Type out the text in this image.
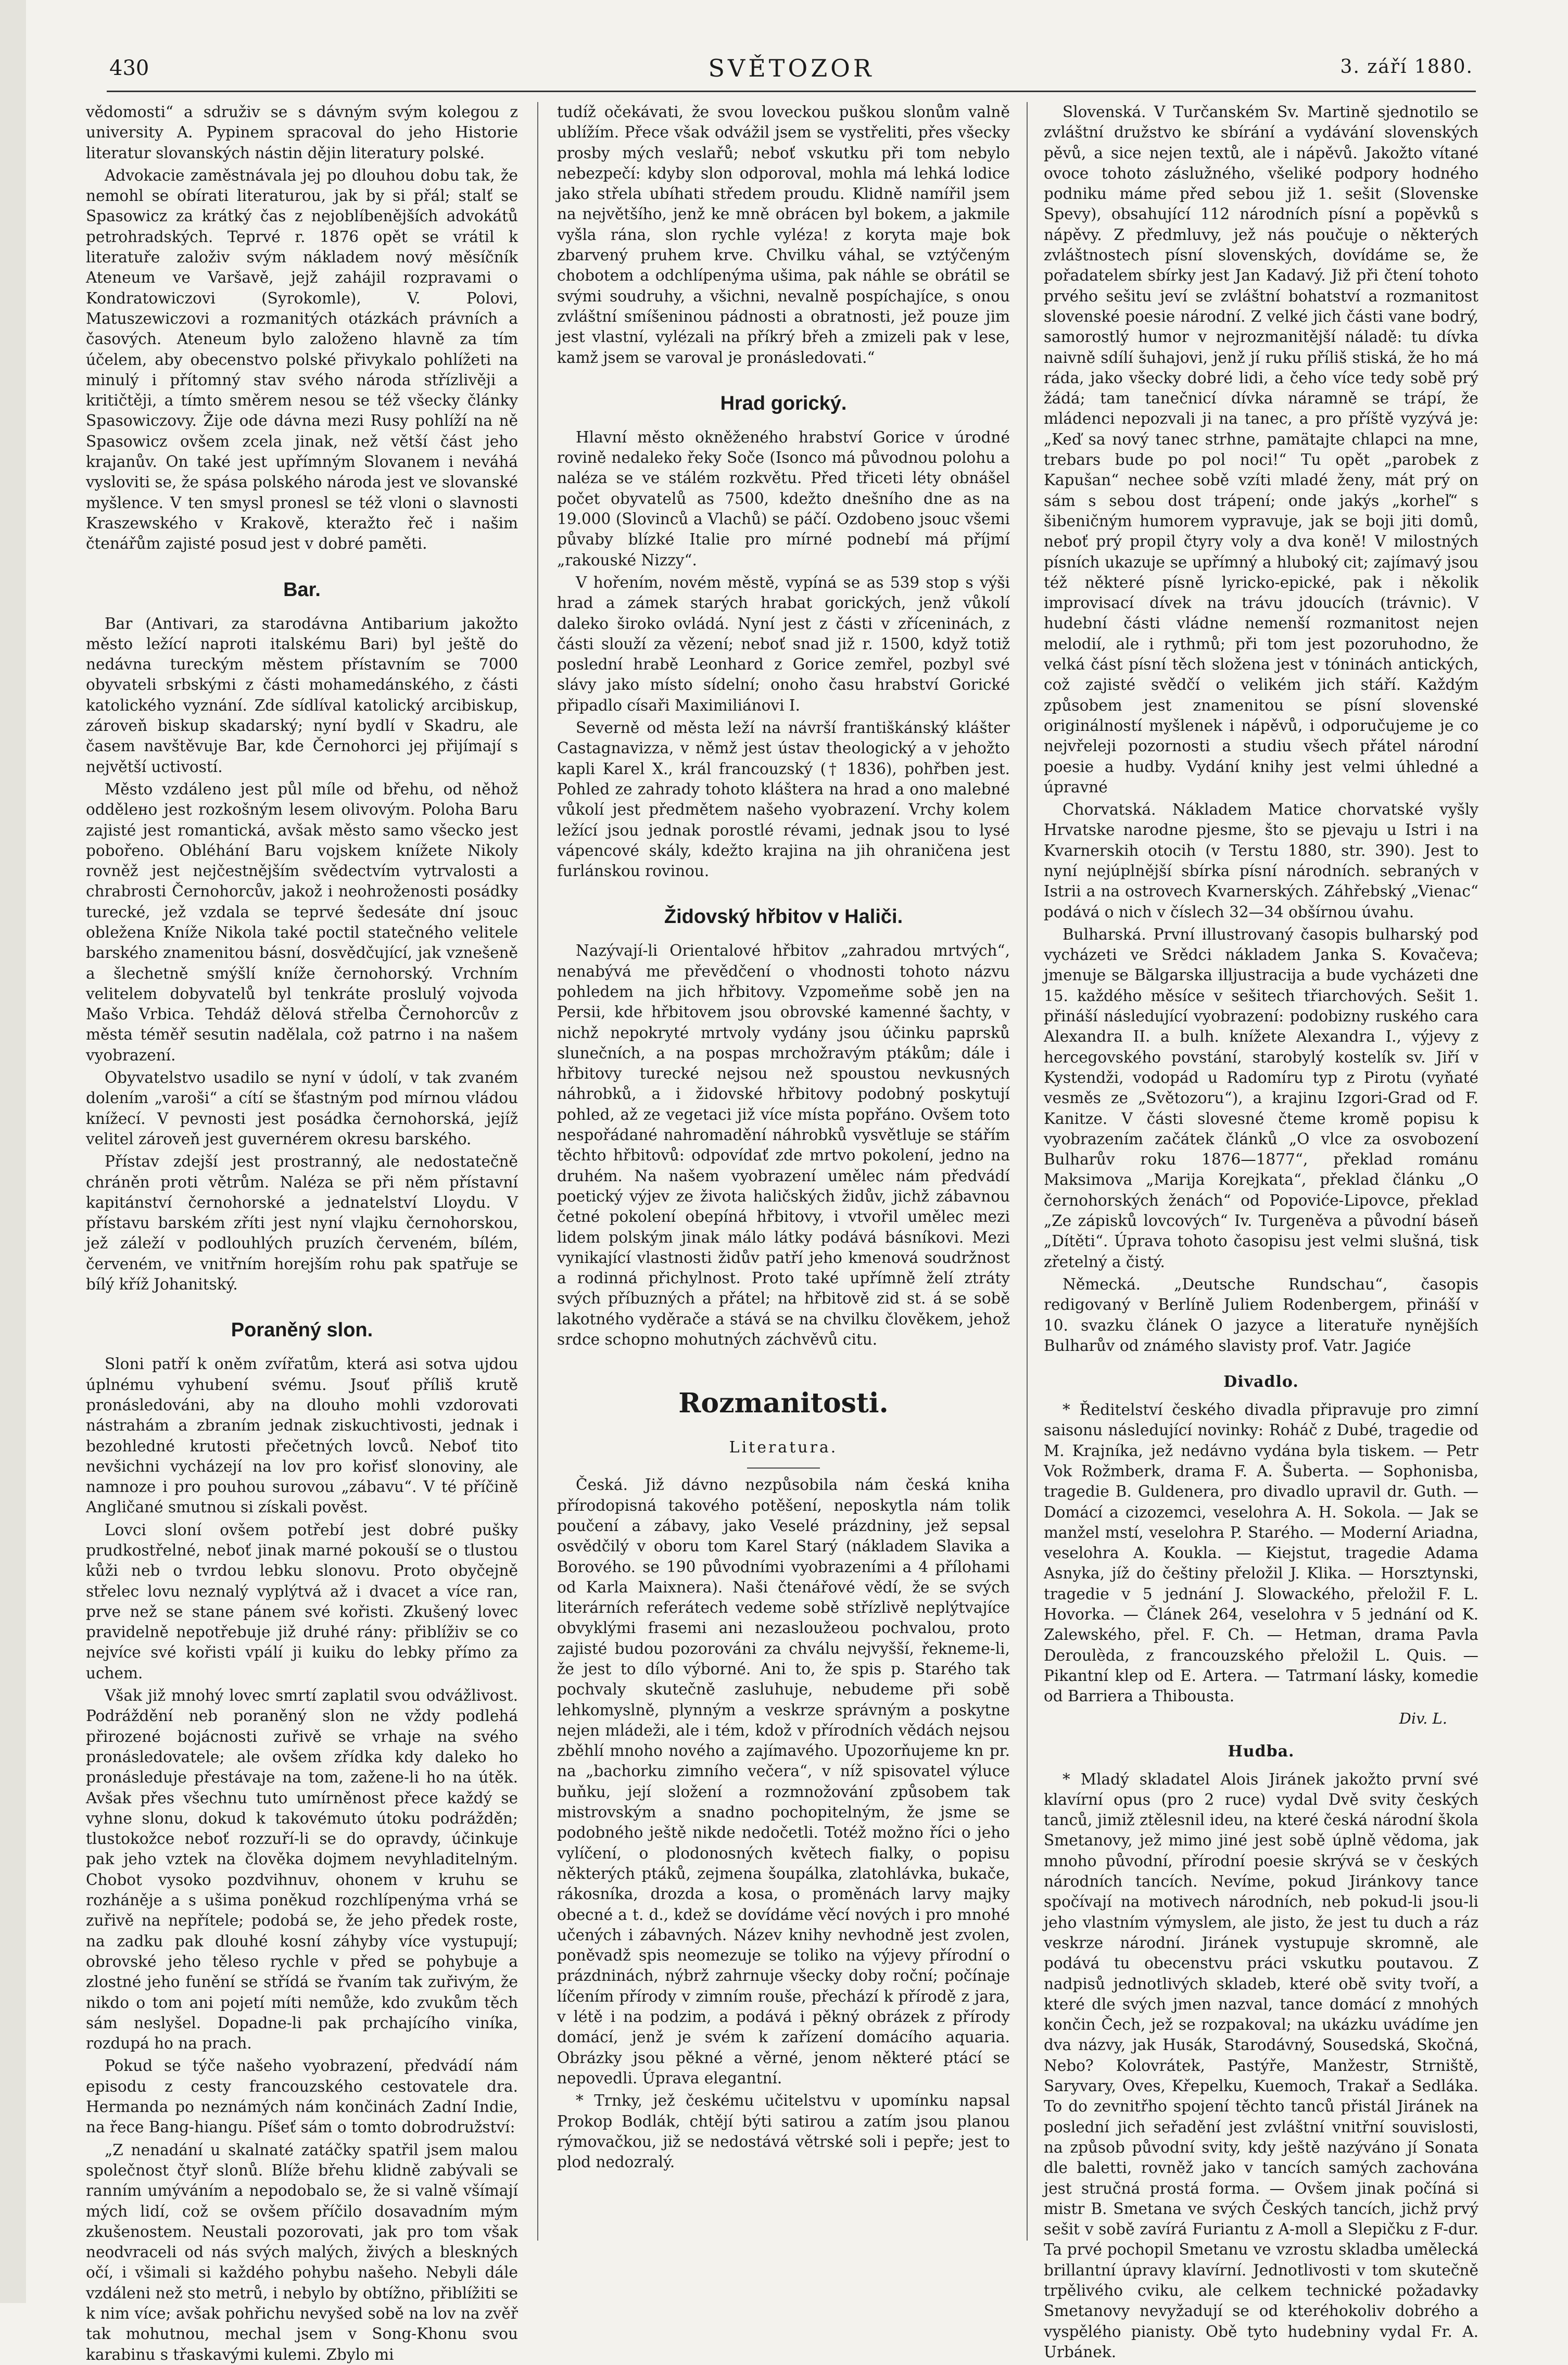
430	SVĚTOZOR	3. září 1880.

vědomosti“ a sdruživ se s dávným svým kolegou z university A. Pypinem spracoval do jeho Historie literatur slovanských nástin dějin literatury polské.

Advokacie zaměstnávala jej po dlouhou dobu tak, že nemohl se obírati literaturou, jak by si přál; stalť se Spasowicz za krátký čas z nejoblíbenějších advokátů petrohradských. Teprvé r. 1876 opět se vrátil k literatuře založiv svým nákladem nový měsíčník Ateneum ve Varšavě, jejž zahájil rozpravami o Kondratowiczovi (Syrokomle), V. Polovi, Matuszewiczovi a rozmanitých otázkách právních a časových. Ateneum bylo založeno hlavně za tím účelem, aby obecenstvo polské přivykalo pohlížeti na minulý i přítomný stav svého národa střízlivěji a kritičtěji, a tímto směrem nesou se též všecky články Spasowiczovy. Žije ode dávna mezi Rusy pohlíží na ně Spasowicz ovšem zcela jinak, než větší část jeho krajanův. On také jest upřímným Slovanem i neváhá vysloviti se, že spása polského národa jest ve slovanské myšlence. V ten smysl pronesl se též vloni o slavnosti Kraszewského v Krakově, kteražto řeč i našim čtenářům zajisté posud jest v dobré paměti.

Bar.

Bar (Antivari, za starodávna Antibarium jakožto město ležící naproti italskému Bari) byl ještě do nedávna tureckým městem přístavním se 7000 obyvateli srbskými z části mohamedánského, z části katolického vyznání. Zde sídlíval katolický arcibiskup, zároveň biskup skadarský; nyní bydlí v Skadru, ale časem navštěvuje Bar, kde Černohorci jej přijímají s největší uctivostí.

Město vzdáleno jest půl míle od břehu, od něhož oddělено jest rozkošným lesem olivovým. Poloha Baru zajisté jest romantická, avšak město samo všecko jest pobořeno. Obléhání Baru vojskem knížete Nikoly rovněž jest nejčestnějším svědectvím vytrvalosti a chrabrosti Černohorcův, jakož i neohroženosti posádky turecké, jež vzdala se teprvé šedesáte dní jsouc obležena Kníže Nikola také poctil statečného velitele barského znamenitou básní, dosvědčující, jak vznešeně a šlechetně smýšlí kníže černohorský. Vrchním velitelem dobyvatelů byl tenkráte proslulý vojvoda Mašo Vrbica. Tehdáž dělová střelba Černohorcův z města téměř sesutin nadělala, což patrno i na našem vyobrazení.

Obyvatelstvo usadilo se nyní v údolí, v tak zvaném dolením „varoši“ a cítí se šťastným pod mírnou vládou knížecí. V pevnosti jest posádka černohorská, jejíž velitel zároveň jest guvernérem okresu barského.

Přístav zdejší jest prostranný, ale nedostatečně chráněn proti větrům. Naléza se při něm přístavní kapitánství černohorské a jednatelství Lloydu. V přístavu barském zříti jest nyní vlajku černohorskou, jež záleží v podlouhlých pruzích červeném, bílém, červeném, ve vnitřním horejším rohu pak spatřuje se bílý kříž Johanitský.

Poraněný slon.

Sloni patří k oněm zvířatům, která asi sotva ujdou úplnému vyhubení svému. Jsouť příliš krutě pronásledováni, aby na dlouho mohli vzdorovati nástrahám a zbraním jednak ziskuchtivosti, jednak i bezohledné krutosti přečetných lovců. Neboť tito nevšichni vycházejí na lov pro kořisť slonoviny, ale namnoze i pro pouhou surovou „zábavu“. V té příčině Angličané smutnou si získali pověst.

Lovci sloní ovšem potřebí jest dobré pušky prudkostřelné, neboť jinak marné pokouší se o tlustou kůži neb o tvrdou lebku slonovu. Proto obyčejně střelec lovu neznalý vyplýtvá až i dvacet a více ran, prve než se stane pánem své kořisti. Zkušený lovec pravidelně nepotřebuje již druhé rány: přiblíživ se co nejvíce své kořisti vpálí ji kuiku do lebky přímo za uchem.

Však již mnohý lovec smrtí zaplatil svou odvážlivost. Podráždění neb poraněný slon ne vždy podlehá přirozené bojácnosti zuřivě se vrhaje na svého pronásledovatele; ale ovšem zřídka kdy daleko ho pronásleduje přestávaje na tom, zažene-li ho na útěk. Avšak přes všechnu tuto umírněnost přece každý se vyhne slonu, dokud k takovémuto útoku podrážděn; tlustokožce neboť rozzuří-li se do opravdy, účinkuje pak jeho vztek na člověka dojmem nevyhladitelným. Chobot vysoko pozdvihnuv, ohonem v kruhu se rozhánějе a s ušima poněkud rozchlípenýma vrhá se zuřivě na nepřítele; podobá se, že jeho předek roste, na zadku pak dlouhé kosní záhyby více vystupují; obrovské jeho těleso rychle v před se pohybuje a zlostné jeho funění se střídá se řvaním tak zuřivým, že nikdo o tom ani pojetí míti nemůže, kdo zvukům těch sám neslyšel. Dopadne-li pak prchajícího viníka, rozdupá ho na prach.

Pokud se týče našeho vyobrazení, předvádí nám episodu z cesty francouzského cestovatele dra. Hermanda po neznámých nám končinách Zadní Indie, na řece Bang-hiangu. Píšeť sám o tomto dobrodružství:

„Z nenadání u skalnaté zatáčky spatřil jsem malou společnost čtyř slonů. Blíže břehu klidně zabývali se ranním umýváním a nepodobalo se, že si valně všímají mých lidí, což se ovšem příčilo dosavadním mým zkušenostem. Neustali pozorovati, jak pro tom však neodvraceli od nás svých malých, živých a bleskných očí, i všimali si každého pohybu našeho. Nebyli dále vzdáleni než sto metrů, i nebylo by obtížno, přiblížiti se k nim více; avšak pohřichu nevyšed sobě na lov na zvěř tak mohutnou, mechal jsem v Song-Khonu svou karabinu s třaskavými kulemi. Zbylo mi

tudíž očekávati, že svou loveckou puškou slonům valně ublížím. Přece však odvážil jsem se vystřeliti, přes všecky prosby mých veslařů; neboť vskutku při tom nebylo nebezpečí: kdyby slon odporoval, mohla má lehká lodice jako střela ubíhati středem proudu. Klidně namířil jsem na největšího, jenž ke mně obrácen byl bokem, a jakmile vyšla rána, slon rychle vyléza! z koryta maje bok zbarvený pruhem krve. Chvilku váhal, se vztýčeným chobotem a odchlípenýma ušima, pak náhle se obrátil se svými soudruhy, a všichni, nevalně pospíchajíce, s onou zvláštní smíšeninou pádnosti a obratnosti, jež pouze jim jest vlastní, vylézali na příkrý břeh a zmizeli pak v lese, kamž jsem se varoval je pronásledovati.“

Hrad gorický.

Hlavní město okněženého hrabství Gorice v úrodné rovině nedaleko řeky Soče (Isonco má původnou polohu a naléza se ve stálém rozkvětu. Před třiceti léty obnášel počet obyvatelů as 7500, kdežto dnešního dne as na 19.000 (Slovinců a Vlachů) se páčí. Ozdobeno jsouc všemi půvaby blízké Italie pro mírné podnebí má příjmí „rakouské Nizzy“.

V hořením, novém městě, vypíná se as 539 stop s výši hrad a zámek starých hrabat gorických, jenž vůkolí daleko široko ovládá. Nyní jest z části v zříceninách, z části slouží za vězení; neboť snad již r. 1500, když totiž poslední hrabě Leonhard z Gorice zemřel, pozbyl své slávy jako místo sídelní; onoho času hrabství Gorické připadlo císaři Maximiliánovi I.

Severně od města leží na návrší františkánský klášter Castagnavizza, v němž jest ústav theologický a v jehožto kapli Karel X., král francouzský († 1836), pohřben jest. Pohled ze zahrady tohoto kláštera na hrad a ono malebné vůkolí jest předmětem našeho vyobrazení. Vrchy kolem ležící jsou jednak porostlé révami, jednak jsou to lysé vápencové skály, kdežto krajina na jih ohraničena jest furlánskou rovinou.

Židovský hřbitov v Haliči.

Nazývají-li Orientalové hřbitov „zahradou mrtvých“, nenabývá me převědčení o vhodnosti tohoto názvu pohledem na jich hřbitovy. Vzpomeňme sobě jen na Persii, kde hřbitovem jsou obrovské kamenné šachty, v nichž nepokryté mrtvoly vydány jsou účinku paprsků slunečních, a na pospas mrchožravým ptákům; dále i hřbitovy turecké nejsou než spoustou nevkusných náhrobků, a i židovské hřbitovy podobný poskytují pohled, až ze vegetaci již více místa popřáno. Ovšem toto nespořádané nahromadění náhrobků vysvětluje se stářím těchto hřbitovů: odpovídať zde mrtvo pokolení, jedno na druhém. Na našem vyobrazení umělec nám předvádí poetický výjev ze života haličských židův, jichž zábavnou četné pokolení obepíná hřbitovy, i vtvořil umělec mezi lidem polským jinak málo látky podává básníkovi. Mezi vynikající vlastnosti židův patří jeho kmenová soudržnost a rodinná přichylnost. Proto také upřímně želí ztráty svých příbuzných a přátel; na hřbitově zid st. á se sobě lakotného vyděrače a stává se na chvilku člověkem, jehož srdce schopno mohutných záchvěvů citu.

Rozmanitosti.
Literatura.

Česká. Již dávno nezpůsobila nám česká kniha přírodopisná takového potěšení, neposkytla nám tolik poučení a zábavy, jako Veselé prázdniny, jež sepsal osvědčilý v oboru tom Karel Starý (nákladem Slavika a Borového. se 190 původními vyobrazeními a 4 přílohami od Karla Maixnera). Naši čtenářové vědí, že se svých literárních referátech vedeme sobě střízlivě neplýtvajíce obvyklými frasemi ani nezasloužeou pochvalou, proto zajisté budou pozorováni za chválu nejvyšší, řekneme-li, že jest to dílo výborné. Ani to, že spis p. Starého tak pochvaly skutečně zasluhuje, nebudeme při sobě lehkomyslně, plynným a veskrze správným a poskytne nejen mládeži, ale i tém, kdož v přírodních vědách nejsou zběhlí mnoho nového a zajímavého. Upozorňujeme kn pr. na „bachorku zimního večera“, v níž spisovatel výluce buňku, její složení a rozmnožování způsobem tak mistrovským a snadno pochopitelným, že jsme se podobného ještě nikde nedočetli. Totéž možno říci o jeho vylíčení, o plodonosných květech fialky, o popisu některých ptáků, zejmena šoupálka, zlatohlávka, bukače, rákosníka, drozda a kosa, o proměnách larvy majky obecné a t. d., kdež se dovídáme věcí nových i pro mnohé učených i zábavných. Název knihy nevhodně jest zvolen, poněvadž spis neomezuje se toliko na výjevy přírodní o prázdninách, nýbrž zahrnuje všecky doby roční; počínaje líčením přírody v zimním rouše, přechází k přírodě z jara, v létě i na podzim, a podává i pěkný obrázek z přírody domácí, jenž je svém k zařízení domácího aquaria. Obrázky jsou pěkné a věrné, jenom některé ptácí se nepovedli. Úprava elegantní.

* Trnky, jež českému učitelstvu v upomínku napsal Prokop Bodlák, chtějí býti satirou a zatím jsou planou rýmovačkou, již se nedostává větrské soli i pepře; jest to plod nedozralý.

Slovenská. V Turčanském Sv. Martině sjednotilo se zvláštní družstvo ke sbírání a vydávání slovenských pěvů, a sice nejen textů, ale i nápěvů. Jakožto vítané ovoce tohoto záslužného, všeliké podpory hodného podniku máme před sebou již 1. sešit (Slovenske Spevy), obsahující 112 národních písní a popěvků s nápěvy. Z předmluvy, jež nás poučuje o některých zvláštnostech písní slovenských, dovídáme se, že pořadatelem sbírky jest Jan Kadavý. Již při čtení tohoto prvého sešitu jeví se zvláštní bohatství a rozmanitost slovenské poesie národní. Z velké jich části vane bodrý, samorostlý humor v nejrozmanitější náladě: tu dívka naivně sdílí šuhajovi, jenž jí ruku příliš stiská, že ho má ráda, jako všecky dobré lidi, a čeho více tedy sobě prý žádá; tam tanečnicí dívka náramně se trápí, že mládenci nepozvali ji na tanec, a pro příště vyzývá je: „Keď sa nový tanec strhne, pamätajte chlapci na mne, trebars bude po pol noci!“ Tu opět „parobek z Kapušan“ necheе sobě vzíti mladé ženy, mát prý on sám s sebou dost trápení; onde jakýs „korheľ“ s šibeničným humorem vypravuje, jak se boji jiti domů, neboť prý propil čtyry voly a dva koně! V milostných písních ukazuje se upřímný a hluboký cit; zajímavý jsou též některé písně lyricko-epické, pak i několik improvisací dívek na trávu jdoucích (trávnic). V hudební části vládne nemenší rozmanitost nejen melodií, ale i rythmů; při tom jest pozoruhodno, že velká část písní těch složena jest v tóninách antických, což zajisté svědčí o velikém jich stáří. Každým způsobem jest znamenitou se písní slovenské originálností myšlenek i nápěvů, i odporučujeme je co nejvřeleji pozornosti a studiu všech přátel národní poesie a hudby. Vydání knihy jest velmi úhledné a úpravné

Chorvatská. Nákladem Matice chorvatské vyšly Hrvatske narodne pjesme, što se pjevaju u Istri i na Kvarnerskih otocih (v Terstu 1880, str. 390). Jest to nyní nejúplnější sbírka písní národních. sebraných v Istrii a na ostrovech Kvarnerských. Záhřebský „Vienac“ podává o nich v číslech 32—34 obšírnou úvahu.

Bulharská. První illustrovaný časopis bulharský pod vycházeti ve Srědci nákladem Janka S. Kovačeva; jmenuje se Bălgarska illjustracija a bude vycházeti dne 15. každého měsíce v sešitech třiarchových. Sešit 1. přináší následující vyobrazení: podobizny ruského cara Alexandra II. a bulh. knížete Alexandra I., výjevy z hercegovského povstání, starobylý kostelík sv. Jiří v Kystendži, vodopád u Radomíru typ z Pirotu (vyňaté vesměs ze „Světozoru“), a krajinu Izgori-Grad od F. Kanitze. V části slovesné čteme kromě popisu k vyobrazením začátek článků „O vlce za osvobození Bulharův roku 1876—1877“, překlad románu Maksimova „Marija Korejkata“, překlad článku „O černohorských ženách“ od Popoviće-Lipovce, překlad „Ze zápisků lovcových“ Iv. Turgeněva a původní báseň „Dítěti“. Úprava tohoto časopisu jest velmi slušná, tisk zřetelný a čistý.

Německá. „Deutsche Rundschau“, časopis redigovaný v Berlíně Juliem Rodenbergem, přináší v 10. svazku článek O jazyce a literatuře nynějších Bulharův od známého slavisty prof. Vatr. Jagiće

Divadlo.

* Ředitelství českého divadla připravuje pro zimní saisonu následující novinky: Roháč z Dubé, tragedie od M. Krajníka, jež nedávno vydána byla tiskem. — Petr Vok Rožmberk, drama F. A. Šuberta. — Sophonisba, tragedie B. Guldenera, pro divadlo upravil dr. Guth. — Domácí a cizozemci, veselohra A. H. Sokola. — Jak se manžel mstí, veselohra P. Starého. — Moderní Ariadna, veselohra A. Koukla. — Kiejstut, tragedie Adama Asnyka, jíž do češtiny přeložil J. Klika. — Horsztynski, tragedie v 5 jednání J. Slowackého, přeložil F. L. Hovorka. — Článek 264, veselohra v 5 jednání od K. Zalewského, přel. F. Ch. — Hetman, drama Pavla Deroulèda, z francouzského přeložil L. Quis. — Pikantní klep od E. Artera. — Tatrmaní lásky, komedie od Barriera a Thibousta.

Div. L.
Hudba.

* Mladý skladatel Alois Jiránek jakožto první své klavírní opus (pro 2 ruce) vydal Dvě svity českých tanců, jimiž ztělesnil ideu, na které česká národní škola Smetanovy, jež mimo jiné jest sobě úplně vědoma, jak mnoho původní, přírodní poesie skrývá se v českých národních tancích. Nevíme, pokud Jiránkovy tance spočívají na motivech národních, neb pokud-li jsou-li jeho vlastním výmyslem, ale jisto, že jest tu duch a ráz veskrze národní. Jiránek vystupuje skromně, ale podává tu obecenstvu práci vskutku poutavou. Z nadpisů jednotlivých skladeb, které obě svity tvoří, a které dle svých jmen nazval, tance domácí z mnohých končin Čech, jež se rozpakoval; na ukázku uvádíme jen dva názvy, jak Husák, Starodávný, Sousedská, Skočná, Nebo? Kolovrátek, Pastýře, Manžestr, Strniště, Saryvary, Oves, Křepelku, Kuemoch, Trakař a Sedláka. To do zevnitřho spojení těchto tanců přistál Jiránek na poslední jich seřadění jest zvláštní vnitřní souvislosti, na způsob původní svity, kdy ještě nazýváno jí Sonata dle baletti, rovněž jako v tancích samých zachována jest stručná prostá forma. — Ovšem jinak počíná si mistr B. Smetana ve svých Českých tancích, jichž prvý sešit v sobě zavírá Furiantu z A-moll a Slepičku z F-dur. Ta prvé pochopil Smetanu ve vzrostu skladba umělecká brillantní úpravy klavírní. Jednotlivosti v tom skutečně trpělivého cviku, ale celkem technické požadavky Smetanovy nevyžadují se od kteréhokoliv dobrého a vyspělého pianisty. Obě tyto hudebniny vydal Fr. A. Urbánek.
